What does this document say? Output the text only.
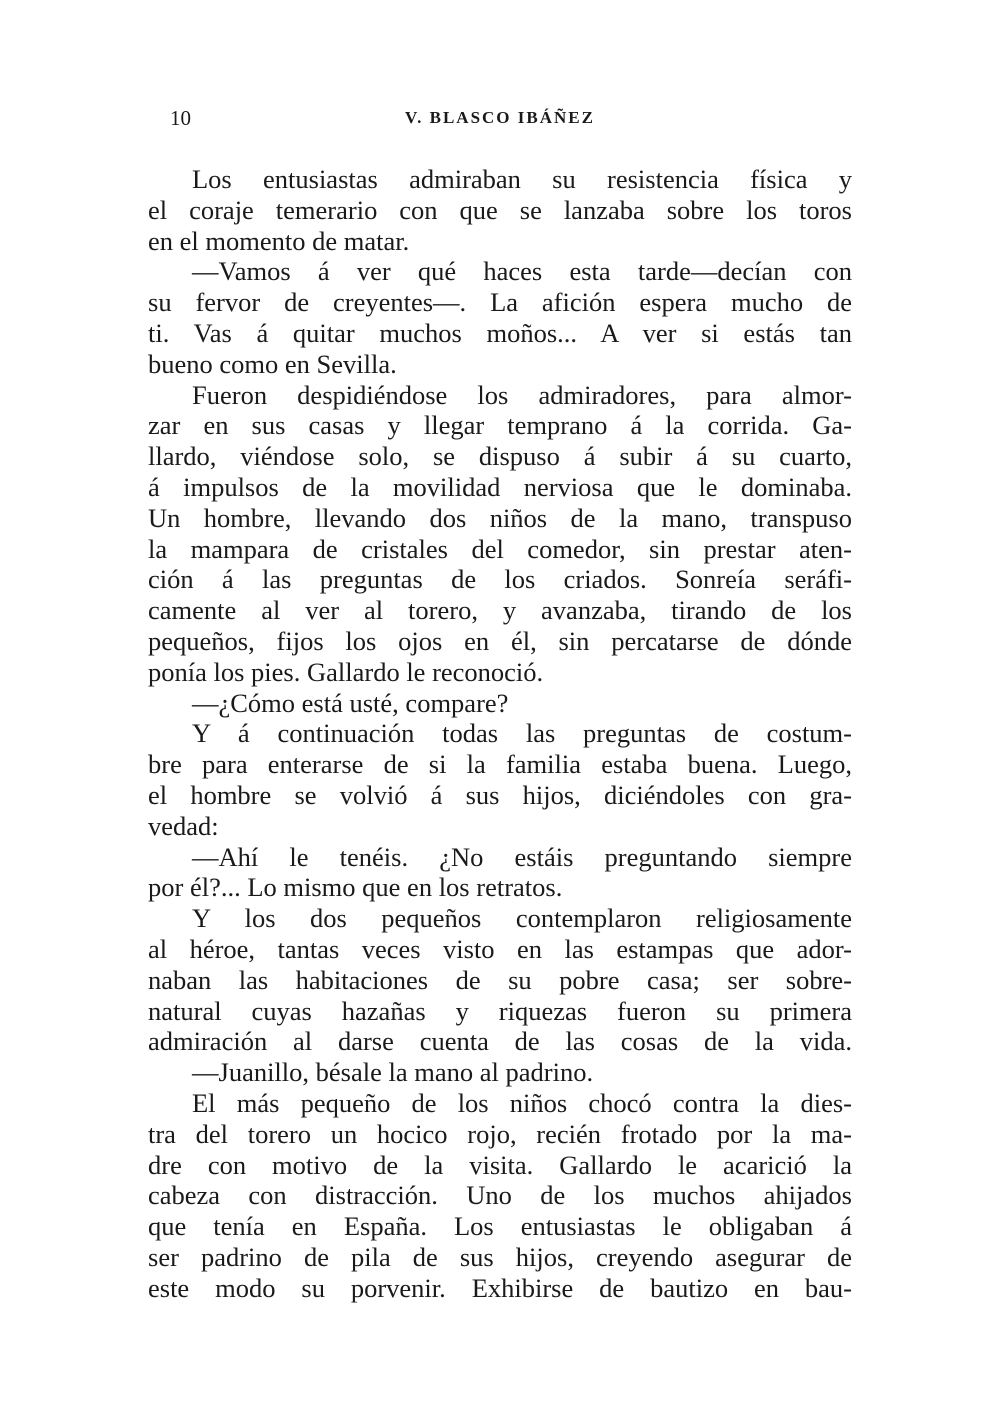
10	V. BLASCO IBÁÑEZ
Los entusiastas admiraban su resistencia física y
el coraje temerario con que se lanzaba sobre los toros
en el momento de matar.
—Vamos á ver qué haces esta tarde—decían con
su fervor de creyentes—. La afición espera mucho de
ti. Vas á quitar muchos moños... A ver si estás tan
bueno como en Sevilla.
Fueron despidiéndose los admiradores, para almor-
zar en sus casas y llegar temprano á la corrida. Ga-
llardo, viéndose solo, se dispuso á subir á su cuarto,
á impulsos de la movilidad nerviosa que le dominaba.
Un hombre, llevando dos niños de la mano, transpuso
la mampara de cristales del comedor, sin prestar aten-
ción á las preguntas de los criados. Sonreía seráfi-
camente al ver al torero, y avanzaba, tirando de los
pequeños, fijos los ojos en él, sin percatarse de dónde
ponía los pies. Gallardo le reconoció.
—¿Cómo está usté, compare?
Y á continuación todas las preguntas de costum-
bre para enterarse de si la familia estaba buena. Luego,
el hombre se volvió á sus hijos, diciéndoles con gra-
vedad:
—Ahí le tenéis. ¿No estáis preguntando siempre
por él?... Lo mismo que en los retratos.
Y los dos pequeños contemplaron religiosamente
al héroe, tantas veces visto en las estampas que ador-
naban las habitaciones de su pobre casa; ser sobre-
natural cuyas hazañas y riquezas fueron su primera
admiración al darse cuenta de las cosas de la vida.
—Juanillo, bésale la mano al padrino.
El más pequeño de los niños chocó contra la dies-
tra del torero un hocico rojo, recién frotado por la ma-
dre con motivo de la visita. Gallardo le acarició la
cabeza con distracción. Uno de los muchos ahijados
que tenía en España. Los entusiastas le obligaban á
ser padrino de pila de sus hijos, creyendo asegurar de
este modo su porvenir. Exhibirse de bautizo en bau-
